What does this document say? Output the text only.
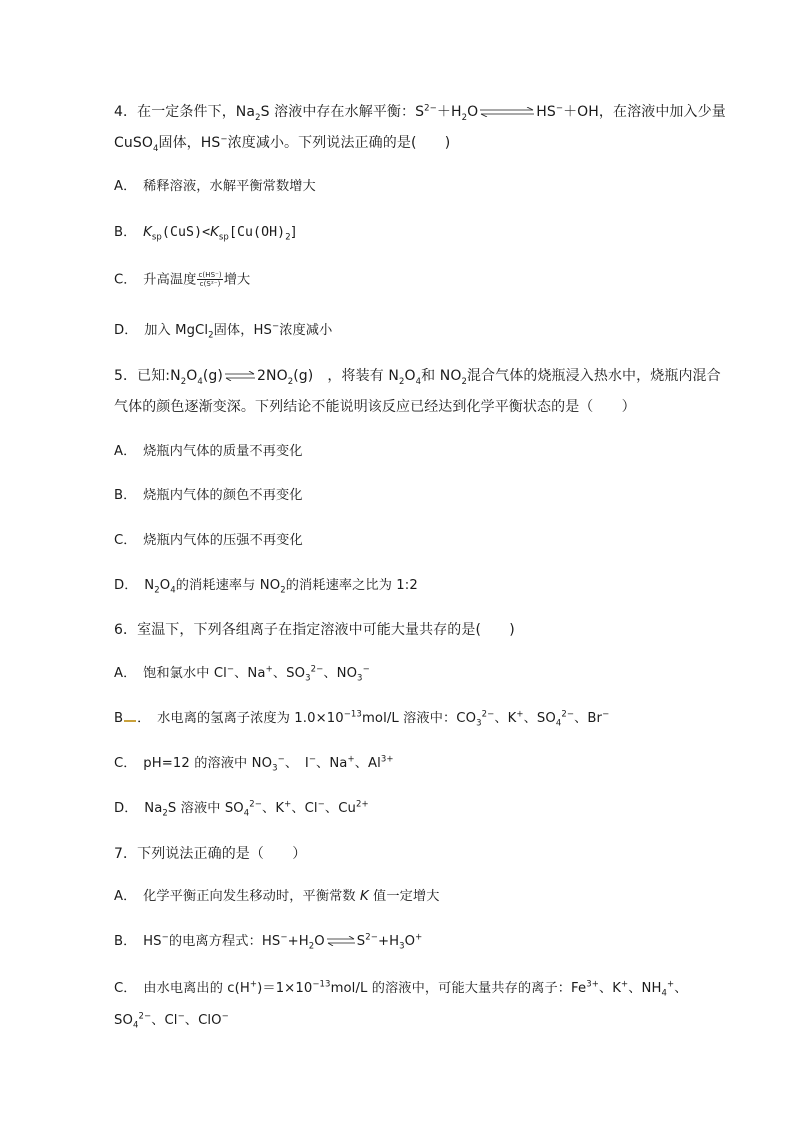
4．在一定条件下，$Na_2S$ 溶液中存在水解平衡：$S^{2-}+H_2O$ ⇌ HS−＋OH，在溶液中加入少量
CuSO$_4$固体，HS−浓度减小。下列说法正确的是(　　)
A．　稀释溶液，水解平衡常数增大
B．　$K_{sp}(CuS)<K_{sp}[Cu(OH)_2]$
C．　升高温度 $\frac{c(HS^-)}{\text{c(S²⁻)}}$ 增大
D．　加入 MgCl$_2$固体，HS−浓度减小
5．已知$:N_2O_4(g)$ ⇌ $2NO_2(g)$　，将装有 $N_2O_4$和 $NO_2$混合气体的烧瓶浸入热水中，烧瓶内混合
气体的颜色逐渐变深。下列结论不能说明该反应已经达到化学平衡状态的是（　　）
A．　烧瓶内气体的质量不再变化
B．　烧瓶内气体的颜色不再变化
C．　烧瓶内气体的压强不再变化
D．　$N_2O_4$的消耗速率与 $NO_2$的消耗速率之比为 1:2
6．室温下，下列各组离子在指定溶液中可能大量共存的是(　　)
A．　饱和氯水中 Cl−、Na+、$SO_3^{2-}$、$NO_3^-$
B ．　水电离的氢离子浓度为 $1.0\times 10^{-13}mol/L$ 溶液中：$CO_3^{2-}$、K+、$SO_4^{2-}$、Br−
C．　pH=12 的溶液中 $NO_3^-$、　I−、Na+、$Al^{3+}$
D．　$Na_2S$ 溶液中 $SO_4^{2-}$、K+、Cl−、$Cu^{2+}$
7．下列说法正确的是（　　）
A．　化学平衡正向发生移动时，平衡常数 K 值一定增大
B．　HS−的电离方程式：$HS^-+H_2O$ ⇌ $S^{2-}+H_3O^+$
C．　由水电离出的 $c(H^+)=1\times 10^{-13}mol/L$ 的溶液中，可能大量共存的离子：$Fe^{3+}$、K+、$NH_4^+$、
$SO_4^{2-}$、Cl−、ClO−
